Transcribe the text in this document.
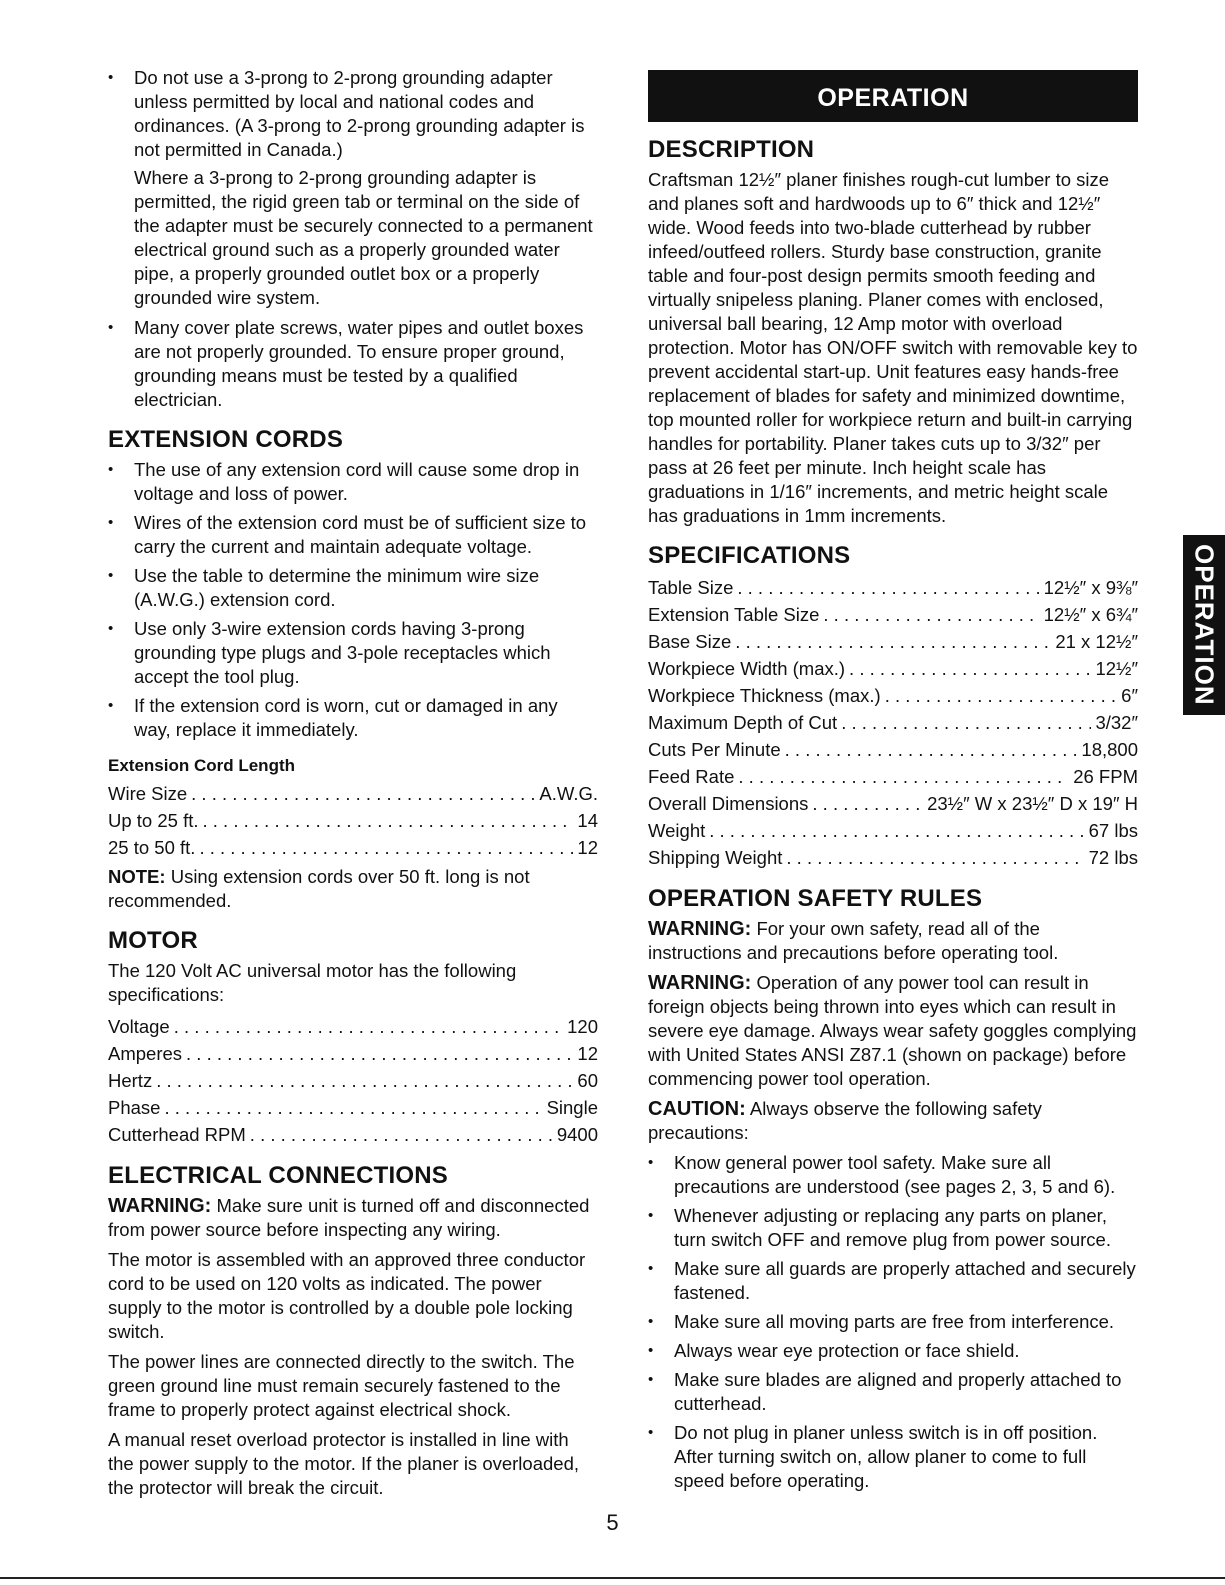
• Do not use a 3-prong to 2-prong grounding adapter unless permitted by local and national codes and ordinances. (A 3-prong to 2-prong grounding adapter is not permitted in Canada.)

Where a 3-prong to 2-prong grounding adapter is permitted, the rigid green tab or terminal on the side of the adapter must be securely connected to a permanent electrical ground such as a properly grounded water pipe, a properly grounded outlet box or a properly grounded wire system.

• Many cover plate screws, water pipes and outlet boxes are not properly grounded. To ensure proper ground, grounding means must be tested by a qualified electrician.
EXTENSION CORDS
• The use of any extension cord will cause some drop in voltage and loss of power.
• Wires of the extension cord must be of sufficient size to carry the current and maintain adequate voltage.
• Use the table to determine the minimum wire size (A.W.G.) extension cord.
• Use only 3-wire extension cords having 3-prong grounding type plugs and 3-pole receptacles which accept the tool plug.
• If the extension cord is worn, cut or damaged in any way, replace it immediately.
Extension Cord Length
Wire Size . . .	A.W.G.
Up to 25 ft. . . .	14
25 to 50 ft. . . .	12

NOTE: Using extension cords over 50 ft. long is not recommended.

MOTOR

The 120 Volt AC universal motor has the following specifications:

Voltage . . .	120
Amperes . . .	12
Hertz . . .	60
Phase . . .	Single
Cutterhead RPM . . .	9400
ELECTRICAL CONNECTIONS

WARNING: Make sure unit is turned off and disconnected from power source before inspecting any wiring.

The motor is assembled with an approved three conductor cord to be used on 120 volts as indicated. The power supply to the motor is controlled by a double pole locking switch.

The power lines are connected directly to the switch. The green ground line must remain securely fastened to the frame to properly protect against electrical shock.

A manual reset overload protector is installed in line with the power supply to the motor. If the planer is overloaded, the protector will break the circuit.

OPERATION
DESCRIPTION

Craftsman 12½″ planer finishes rough-cut lumber to size and planes soft and hardwoods up to 6″ thick and 12½″ wide. Wood feeds into two-blade cutterhead by rubber infeed/outfeed rollers. Sturdy base construction, granite table and four-post design permits smooth feeding and virtually snipeless planing. Planer comes with enclosed, universal ball bearing, 12 Amp motor with overload protection. Motor has ON/OFF switch with removable key to prevent accidental start-up. Unit features easy hands-free replacement of blades for safety and minimized downtime, top mounted roller for workpiece return and built-in carrying handles for portability. Planer takes cuts up to 3/32″ per pass at 26 feet per minute. Inch height scale has graduations in 1/16″ increments, and metric height scale has graduations in 1mm increments.

SPECIFICATIONS
Table Size . . .	12½″ x 9⅜″
Extension Table Size . . .	12½″ x 6¾″
Base Size . . .	21 x 12½″
Workpiece Width (max.) . . .	12½″
Workpiece Thickness (max.) . . .	6″
Maximum Depth of Cut . . .	3/32″
Cuts Per Minute . . .	18,800
Feed Rate . . .	26 FPM
Overall Dimensions . . .	23½″ W x 23½″ D x 19″ H
Weight . . .	67 lbs
Shipping Weight . . .	72 lbs
OPERATION SAFETY RULES

WARNING: For your own safety, read all of the instructions and precautions before operating tool.

WARNING: Operation of any power tool can result in foreign objects being thrown into eyes which can result in severe eye damage. Always wear safety goggles complying with United States ANSI Z87.1 (shown on package) before commencing power tool operation.

CAUTION: Always observe the following safety precautions:

• Know general power tool safety. Make sure all precautions are understood (see pages 2, 3, 5 and 6).
• Whenever adjusting or replacing any parts on planer, turn switch OFF and remove plug from power source.
• Make sure all guards are properly attached and securely fastened.
• Make sure all moving parts are free from interference.
• Always wear eye protection or face shield.
• Make sure blades are aligned and properly attached to cutterhead.
• Do not plug in planer unless switch is in off position. After turning switch on, allow planer to come to full speed before operating.
OPERATION
5
